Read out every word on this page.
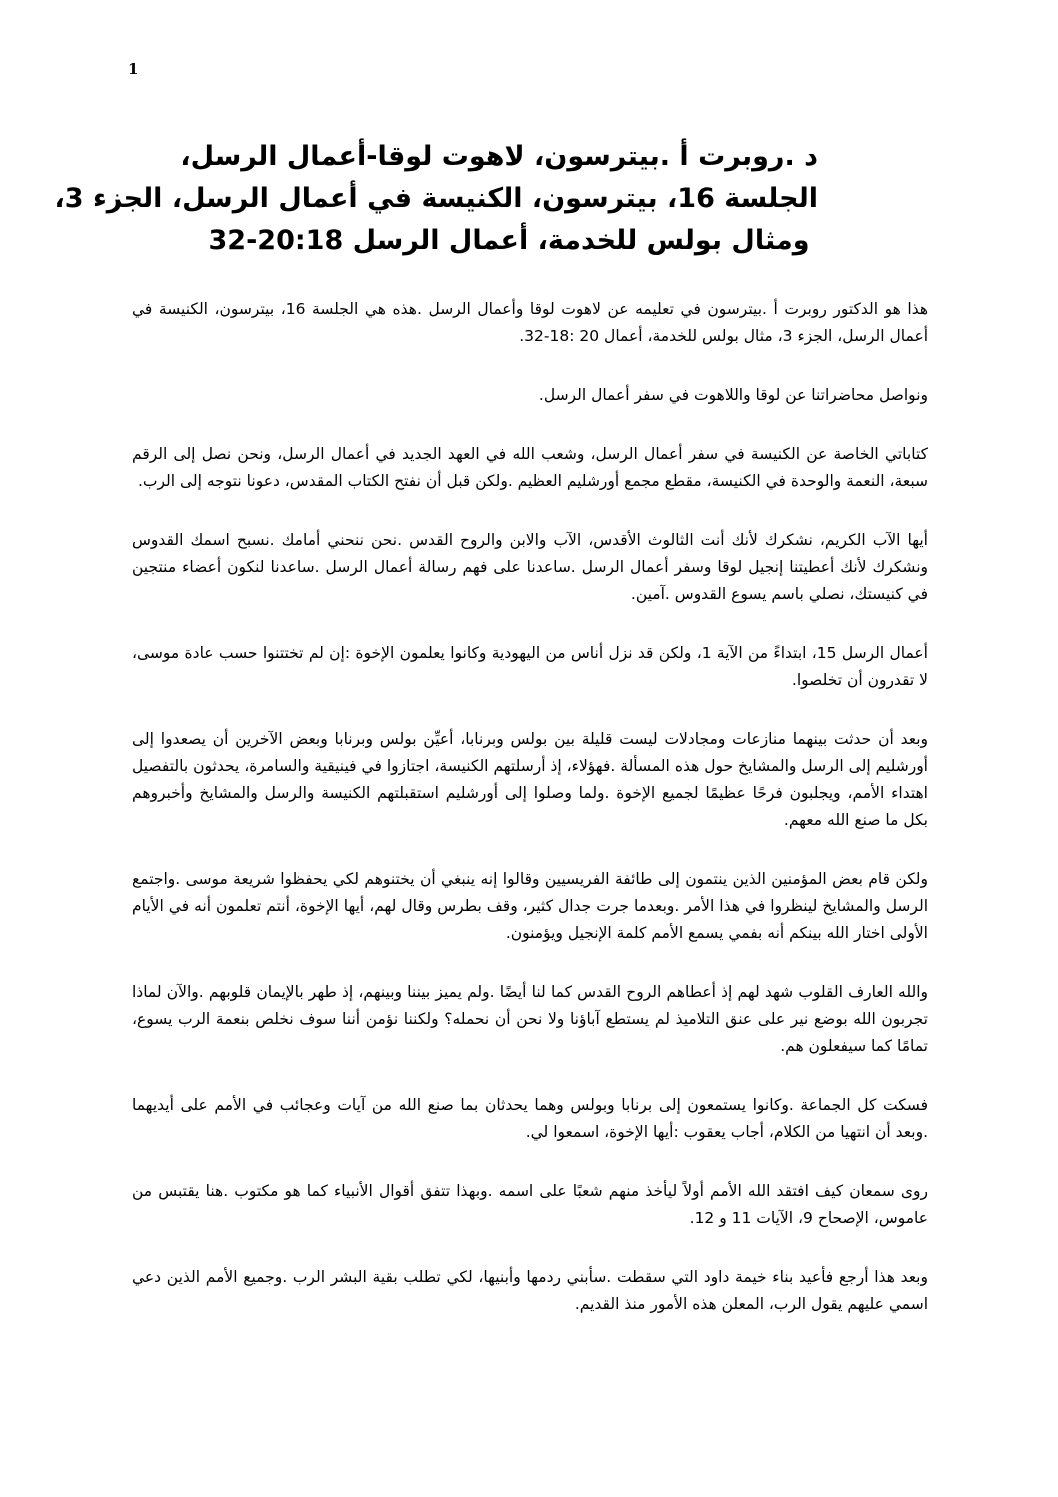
1

د .روبرت أ .بيترسون، لاهوت لوقا-أعمال الرسل،
الجلسة 16، بيترسون، الكنيسة في أعمال الرسل، الجزء 3،
ومثال بولس للخدمة، أعمال الرسل 20:18-32

هذا هو الدكتور روبرت أ .بيترسون في تعليمه عن لاهوت لوقا وأعمال الرسل .هذه هي الجلسة 16، بيترسون، الكنيسة في أعمال الرسل، الجزء 3، مثال بولس للخدمة، أعمال 20 :18-32.

ونواصل محاضراتنا عن لوقا واللاهوت في سفر أعمال الرسل.

كتاباتي الخاصة عن الكنيسة في سفر أعمال الرسل، وشعب الله في العهد الجديد في أعمال الرسل، ونحن نصل إلى الرقم سبعة، النعمة والوحدة في الكنيسة، مقطع مجمع أورشليم العظيم .ولكن قبل أن نفتح الكتاب المقدس، دعونا نتوجه إلى الرب.

أيها الآب الكريم، نشكرك لأنك أنت الثالوث الأقدس، الآب والابن والروح القدس .نحن ننحني أمامك .نسبح اسمك القدوس ونشكرك لأنك أعطيتنا إنجيل لوقا وسفر أعمال الرسل .ساعدنا على فهم رسالة أعمال الرسل .ساعدنا لنكون أعضاء منتجين في كنيستك، نصلي باسم يسوع القدوس .آمين.

أعمال الرسل 15، ابتداءً من الآية 1، ولكن قد نزل أناس من اليهودية وكانوا يعلمون الإخوة :إن لم تختتنوا حسب عادة موسى، لا تقدرون أن تخلصوا.

وبعد أن حدثت بينهما منازعات ومجادلات ليست قليلة بين بولس وبرنابا، أعيِّن بولس وبرنابا وبعض الآخرين أن يصعدوا إلى أورشليم إلى الرسل والمشايخ حول هذه المسألة .فهؤلاء، إذ أرسلتهم الكنيسة، اجتازوا في فينيقية والسامرة، يحدثون بالتفصيل اهتداء الأمم، ويجلبون فرحًا عظيمًا لجميع الإخوة .ولما وصلوا إلى أورشليم استقبلتهم الكنيسة والرسل والمشايخ وأخبروهم بكل ما صنع الله معهم.

ولكن قام بعض المؤمنين الذين ينتمون إلى طائفة الفريسيين وقالوا إنه ينبغي أن يختنوهم لكي يحفظوا شريعة موسى .واجتمع الرسل والمشايخ لينظروا في هذا الأمر .وبعدما جرت جدال كثير، وقف بطرس وقال لهم، أيها الإخوة، أنتم تعلمون أنه في الأيام الأولى اختار الله بينكم أنه بفمي يسمع الأمم كلمة الإنجيل ويؤمنون.

والله العارف القلوب شهد لهم إذ أعطاهم الروح القدس كما لنا أيضًا .ولم يميز بيننا وبينهم، إذ طهر بالإيمان قلوبهم .والآن لماذا تجربون الله بوضع نير على عنق التلاميذ لم يستطع آباؤنا ولا نحن أن نحمله؟ ولكننا نؤمن أننا سوف نخلص بنعمة الرب يسوع، تمامًا كما سيفعلون هم.

فسكت كل الجماعة .وكانوا يستمعون إلى برنابا وبولس وهما يحدثان بما صنع الله من آيات وعجائب في الأمم على أيديهما .وبعد أن انتهيا من الكلام، أجاب يعقوب :أيها الإخوة، اسمعوا لي.

روى سمعان كيف افتقد الله الأمم أولاً ليأخذ منهم شعبًا على اسمه .وبهذا تتفق أقوال الأنبياء كما هو مكتوب .هنا يقتبس من عاموس، الإصحاح 9، الآيات 11 و 12.

وبعد هذا أرجع فأعيد بناء خيمة داود التي سقطت .سأبني ردمها وأبنيها، لكي تطلب بقية البشر الرب .وجميع الأمم الذين دعي اسمي عليهم يقول الرب، المعلن هذه الأمور منذ القديم.
